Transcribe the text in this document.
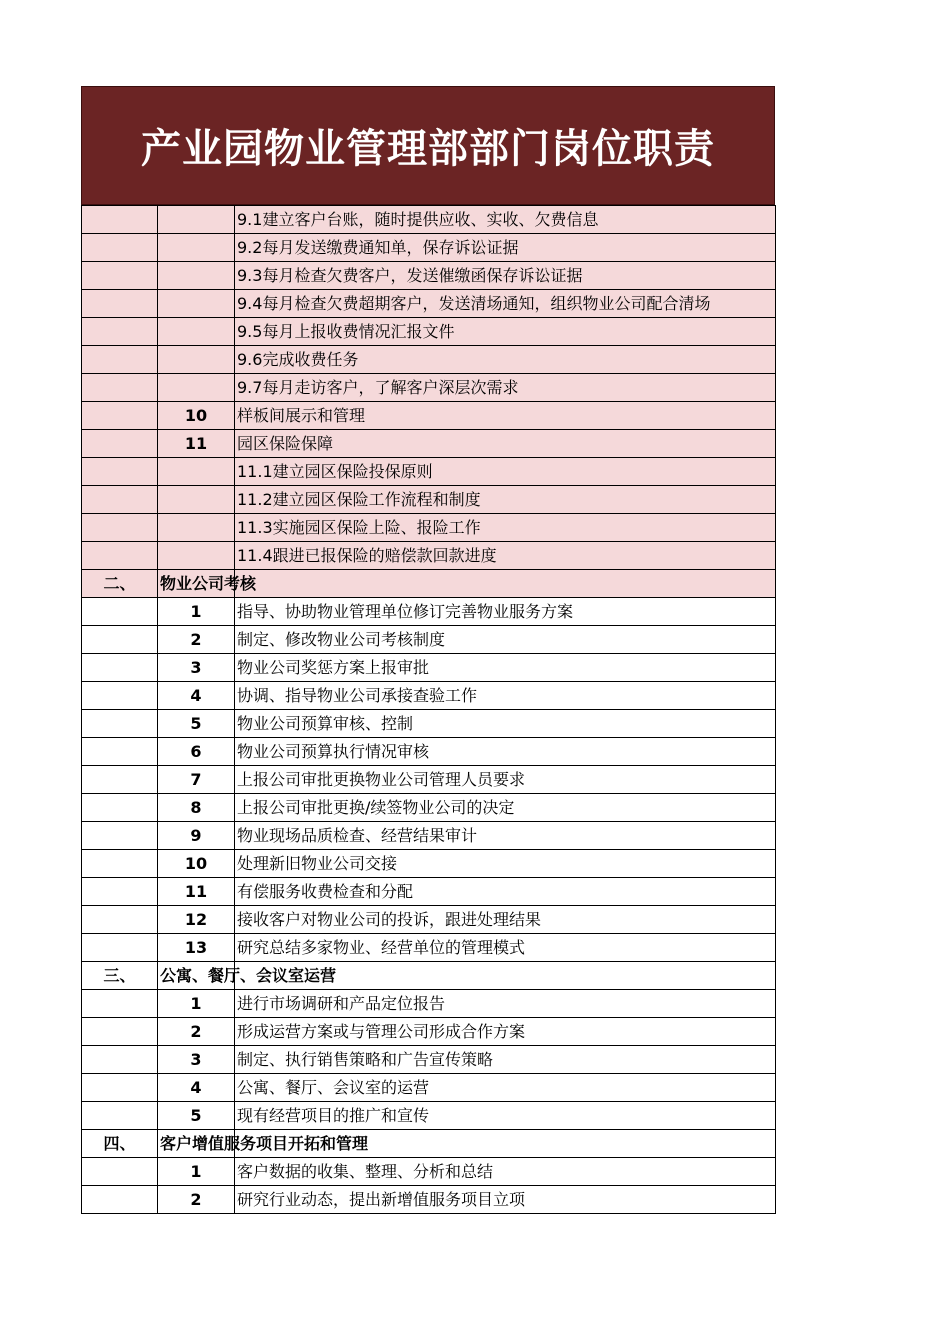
产业园物业管理部部门岗位职责
		9.1建立客户台账，随时提供应收、实收、欠费信息
		9.2每月发送缴费通知单，保存诉讼证据
		9.3每月检查欠费客户，发送催缴函保存诉讼证据
		9.4每月检查欠费超期客户，发送清场通知，组织物业公司配合清场
		9.5每月上报收费情况汇报文件
		9.6完成收费任务
		9.7每月走访客户，了解客户深层次需求
	10	样板间展示和管理
	11	园区保险保障
		11.1建立园区保险投保原则
		11.2建立园区保险工作流程和制度
		11.3实施园区保险上险、报险工作
		11.4跟进已报保险的赔偿款回款进度
二、	物业公司考核	
	1	指导、协助物业管理单位修订完善物业服务方案
	2	制定、修改物业公司考核制度
	3	物业公司奖惩方案上报审批
	4	协调、指导物业公司承接查验工作
	5	物业公司预算审核、控制
	6	物业公司预算执行情况审核
	7	上报公司审批更换物业公司管理人员要求
	8	上报公司审批更换/续签物业公司的决定
	9	物业现场品质检查、经营结果审计
	10	处理新旧物业公司交接
	11	有偿服务收费检查和分配
	12	接收客户对物业公司的投诉，跟进处理结果
	13	研究总结多家物业、经营单位的管理模式
三、	公寓、餐厅、会议室运营	
	1	进行市场调研和产品定位报告
	2	形成运营方案或与管理公司形成合作方案
	3	制定、执行销售策略和广告宣传策略
	4	公寓、餐厅、会议室的运营
	5	现有经营项目的推广和宣传
四、	客户增值服务项目开拓和管理	
	1	客户数据的收集、整理、分析和总结
	2	研究行业动态，提出新增值服务项目立项
